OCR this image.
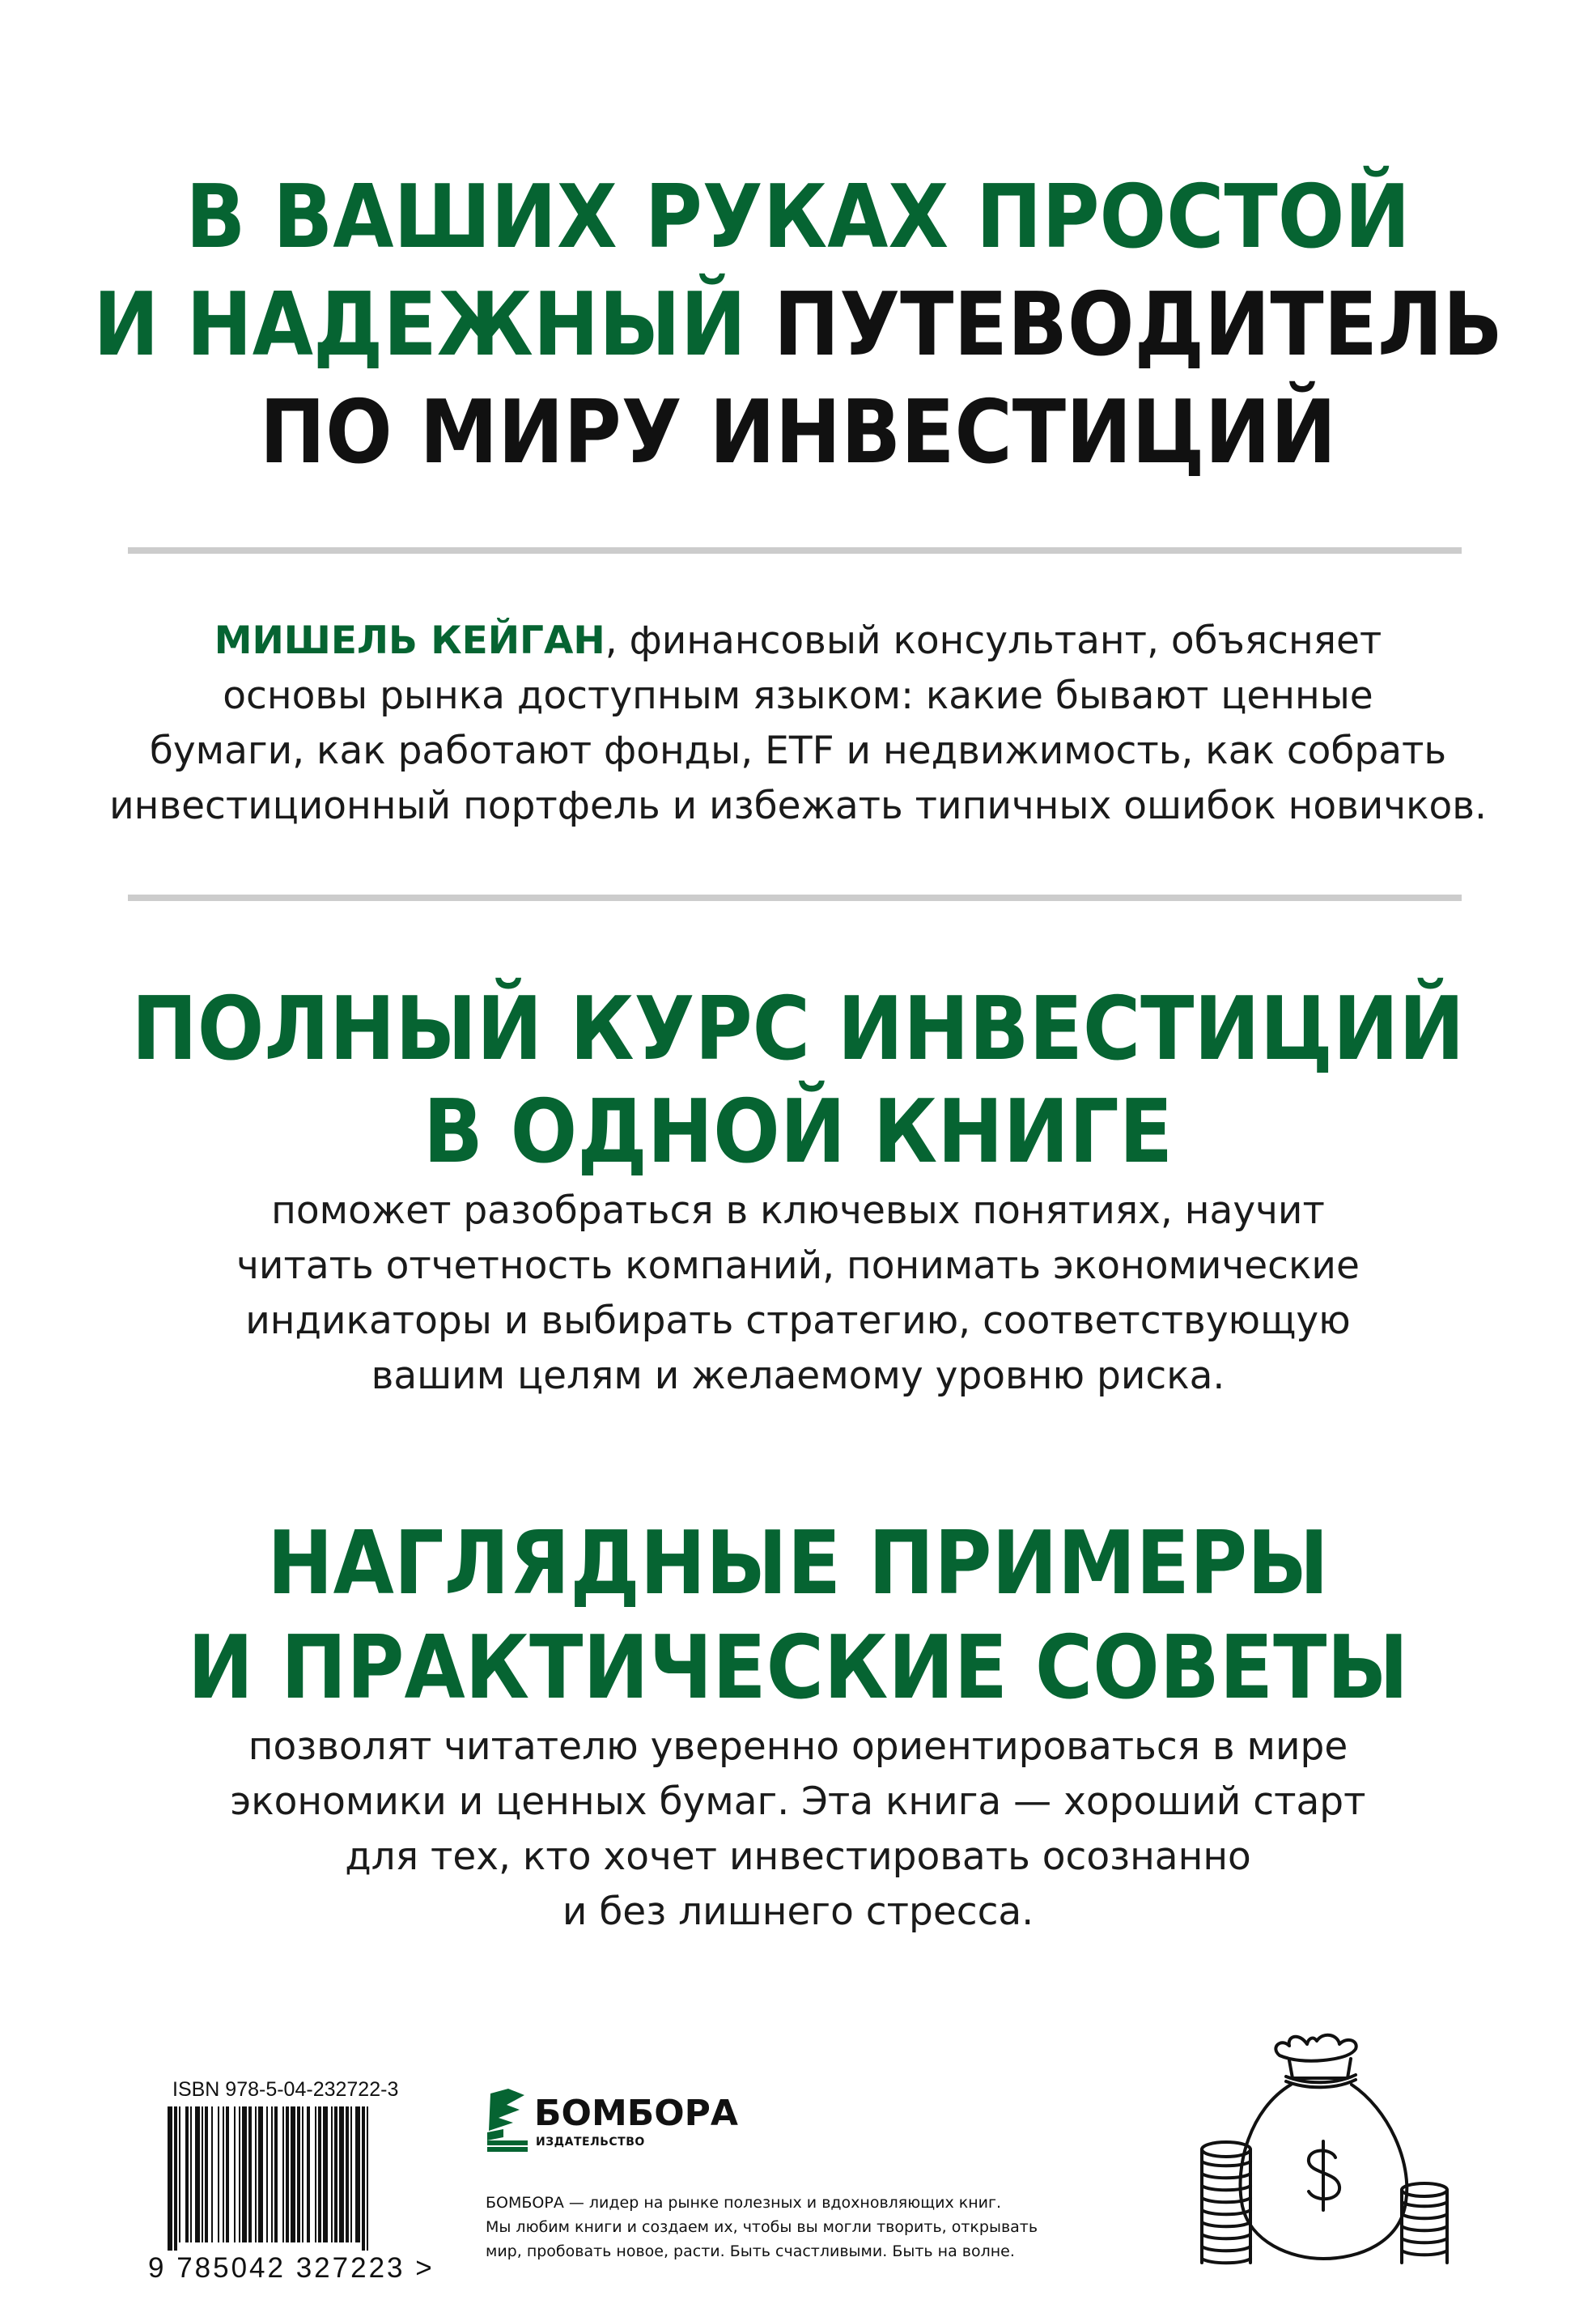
В ВАШИХ РУКАХ ПРОСТОЙ
И НАДЕЖНЫЙ ПУТЕВОДИТЕЛЬ
ПО МИРУ ИНВЕСТИЦИЙ
МИШЕЛЬ КЕЙГАН, финансовый консультант, объясняет
основы рынка доступным языком: какие бывают ценные
бумаги, как работают фонды, ETF и недвижимость, как собрать
инвестиционный портфель и избежать типичных ошибок новичков.
ПОЛНЫЙ КУРС ИНВЕСТИЦИЙ
В ОДНОЙ КНИГЕ
поможет разобраться в ключевых понятиях, научит
читать отчетность компаний, понимать экономические
индикаторы и выбирать стратегию, соответствующую
вашим целям и желаемому уровню риска.
НАГЛЯДНЫЕ ПРИМЕРЫ
И ПРАКТИЧЕСКИЕ СОВЕТЫ
позволят читателю уверенно ориентироваться в мире
экономики и ценных бумаг. Эта книга — хороший старт
для тех, кто хочет инвестировать осознанно
и без лишнего стресса.
ISBN 978-5-04-232722-3
9 785042 327223 >
БОМБОРА
ИЗДАТЕЛЬСТВО
БОМБОРА — лидер на рынке полезных и вдохновляющих книг.
Мы любим книги и создаем их, чтобы вы могли творить, открывать
мир, пробовать новое, расти. Быть счастливыми. Быть на волне.
